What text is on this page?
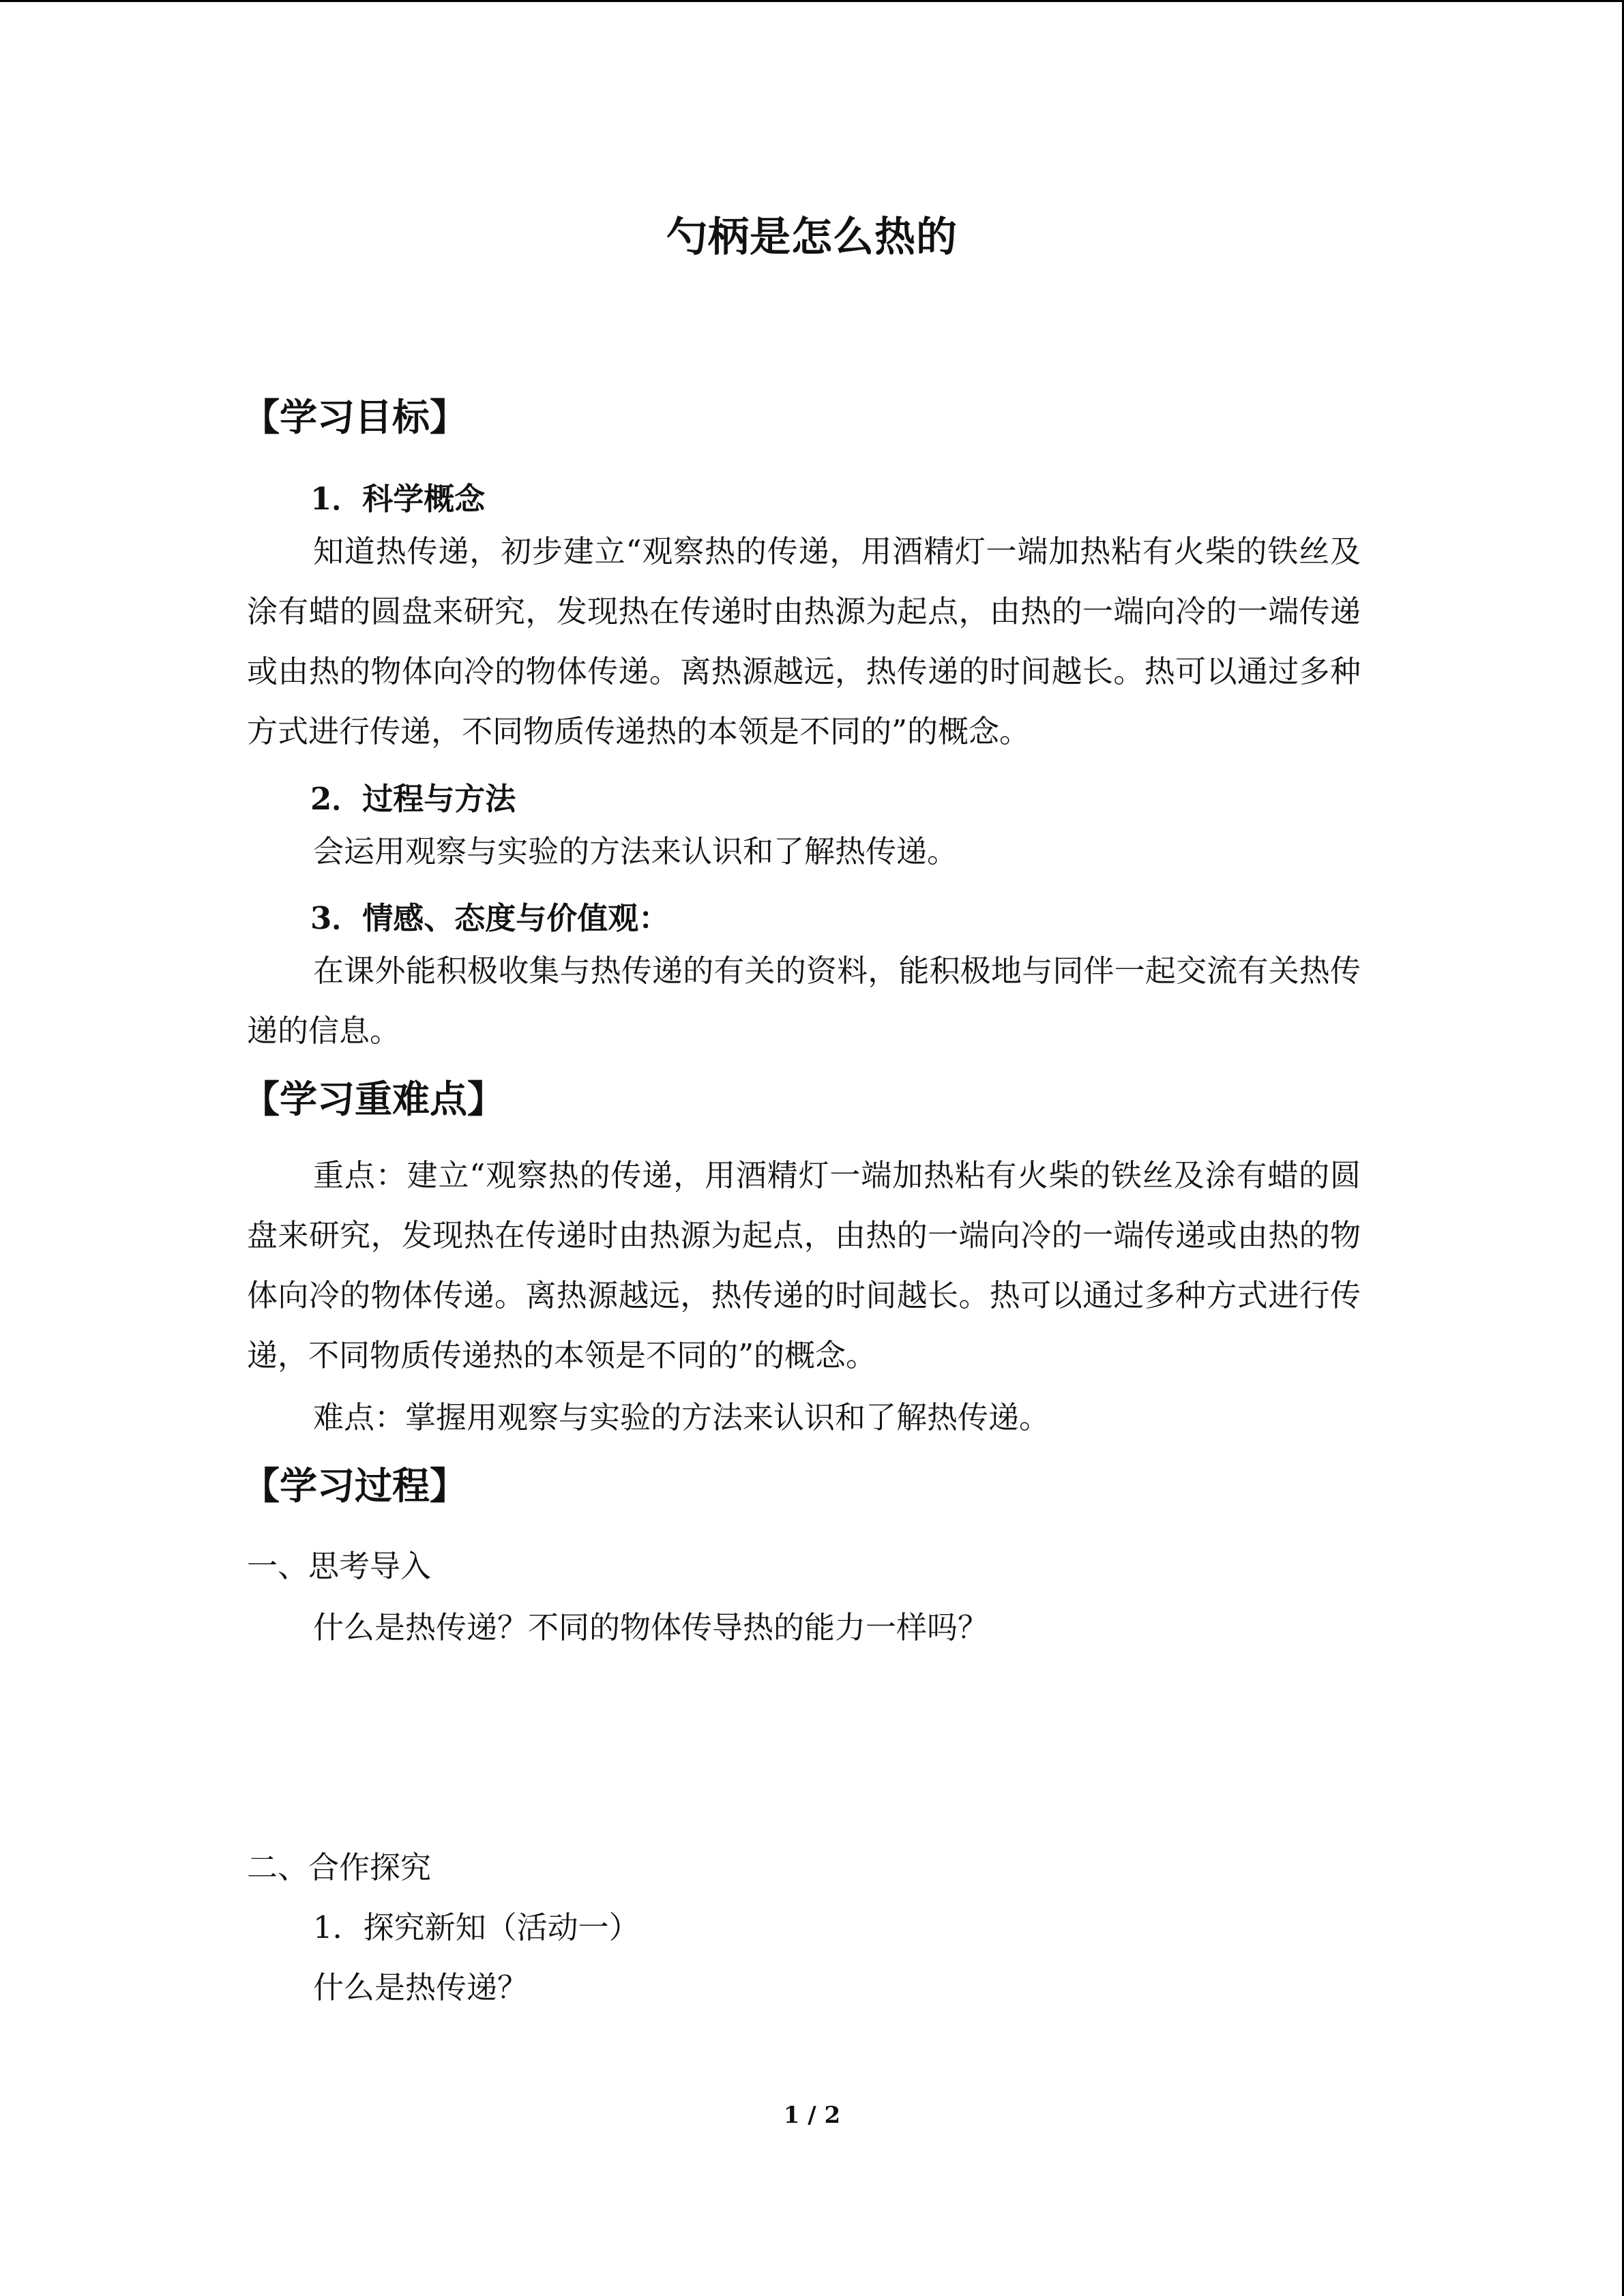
勺柄是怎么热的
【学习目标】
1．科学概念
知道热传递，初步建立“观察热的传递，用酒精灯一端加热粘有火柴的铁丝及涂有蜡的圆盘来研究，发现热在传递时由热源为起点，由热的一端向冷的一端传递或由热的物体向冷的物体传递。离热源越远，热传递的时间越长。热可以通过多种方式进行传递，不同物质传递热的本领是不同的”的概念。
2．过程与方法
会运用观察与实验的方法来认识和了解热传递。
3．情感、态度与价值观：
在课外能积极收集与热传递的有关的资料，能积极地与同伴一起交流有关热传递的信息。
【学习重难点】
重点：建立“观察热的传递，用酒精灯一端加热粘有火柴的铁丝及涂有蜡的圆盘来研究，发现热在传递时由热源为起点，由热的一端向冷的一端传递或由热的物体向冷的物体传递。离热源越远，热传递的时间越长。热可以通过多种方式进行传递，不同物质传递热的本领是不同的”的概念。
难点：掌握用观察与实验的方法来认识和了解热传递。
【学习过程】
一、思考导入
什么是热传递？不同的物体传导热的能力一样吗？
二、合作探究
1．探究新知（活动一）
什么是热传递？
1 / 2
